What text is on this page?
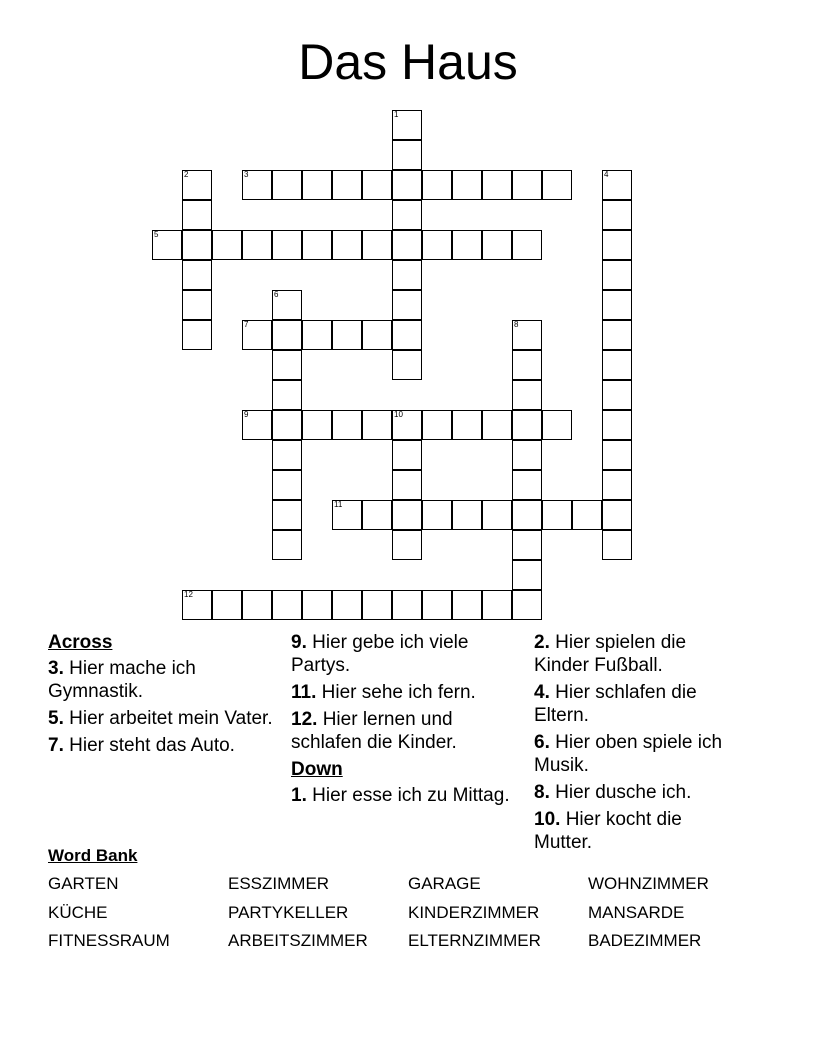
Das Haus
1
2	3	4
5
6
7	8
9	10
11
12
Across

3. Hier mache ich Gymnastik.

5. Hier arbeitet mein Vater.

7. Hier steht das Auto.

9. Hier gebe ich viele Partys.

11. Hier sehe ich fern.

12. Hier lernen und schlafen die Kinder.

Down

1. Hier esse ich zu Mittag.

2. Hier spielen die Kinder Fußball.

4. Hier schlafen die Eltern.

6. Hier oben spiele ich Musik.

8. Hier dusche ich.

10. Hier kocht die Mutter.

Word Bank
GARTEN	ESSZIMMER	GARAGE	WOHNZIMMER
KÜCHE	PARTYKELLER	KINDERZIMMER	MANSARDE
FITNESSRAUM	ARBEITSZIMMER ELTERNZIMMER	BADEZIMMER
